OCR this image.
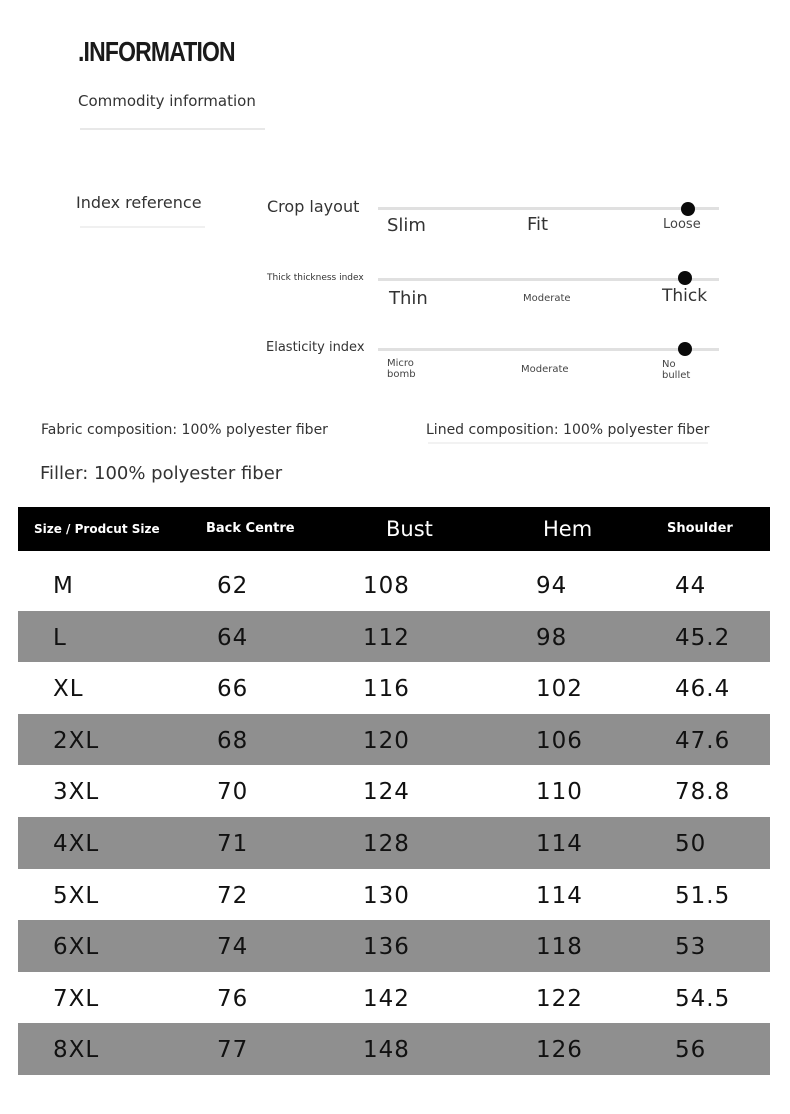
.INFORMATION
Commodity information
Index reference	Crop layout
Slim	Fit	Loose
Thick thickness index
Thin	Moderate	Thick
Elasticity index
Micro bomb	Moderate	No bullet
Fabric composition: 100% polyester fiber	Lined composition: 100% polyester fiber
Filler: 100% polyester fiber
Size / Prodcut Size	Back Centre	Bust	Hem	Shoulder
M	62	108	94	44
L	64	112	98	45.2
XL	66	116	102	46.4
2XL	68	120	106	47.6
3XL	70	124	110	78.8
4XL	71	128	114	50
5XL	72	130	114	51.5
6XL	74	136	118	53
7XL	76	142	122	54.5
8XL	77	148	126	56
